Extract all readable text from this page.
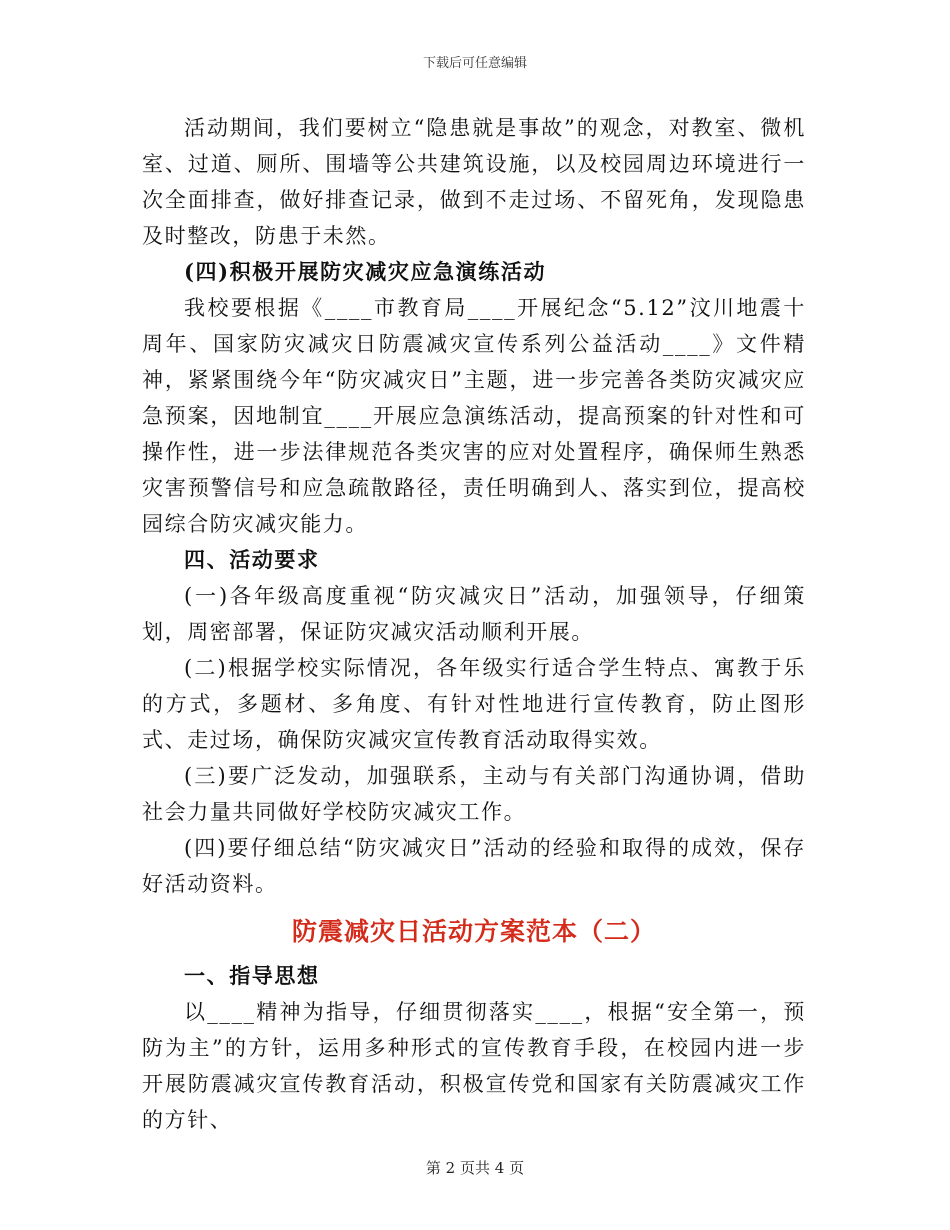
下载后可任意编辑

活动期间，我们要树立“隐患就是事故”的观念，对教室、微机室、过道、厕所、围墙等公共建筑设施，以及校园周边环境进行一次全面排查，做好排查记录，做到不走过场、不留死角，发现隐患及时整改，防患于未然。

(四)积极开展防灾减灾应急演练活动

我校要根据《____市教育局____开展纪念“5.12”汶川地震十周年、国家防灾减灾日防震减灾宣传系列公益活动____》文件精神，紧紧围绕今年“防灾减灾日”主题，进一步完善各类防灾减灾应急预案，因地制宜____开展应急演练活动，提高预案的针对性和可操作性，进一步法律规范各类灾害的应对处置程序，确保师生熟悉灾害预警信号和应急疏散路径，责任明确到人、落实到位，提高校园综合防灾减灾能力。

四、活动要求

(一)各年级高度重视“防灾减灾日”活动，加强领导，仔细策划，周密部署，保证防灾减灾活动顺利开展。

(二)根据学校实际情况，各年级实行适合学生特点、寓教于乐的方式，多题材、多角度、有针对性地进行宣传教育，防止图形式、走过场，确保防灾减灾宣传教育活动取得实效。

(三)要广泛发动，加强联系，主动与有关部门沟通协调，借助社会力量共同做好学校防灾减灾工作。

(四)要仔细总结“防灾减灾日”活动的经验和取得的成效，保存好活动资料。

防震减灾日活动方案范本（二）

一、指导思想

以____精神为指导，仔细贯彻落实____，根据“安全第一，预防为主”的方针，运用多种形式的宣传教育手段，在校园内进一步开展防震减灾宣传教育活动，积极宣传党和国家有关防震减灾工作的方针、

第 2 页共 4 页
